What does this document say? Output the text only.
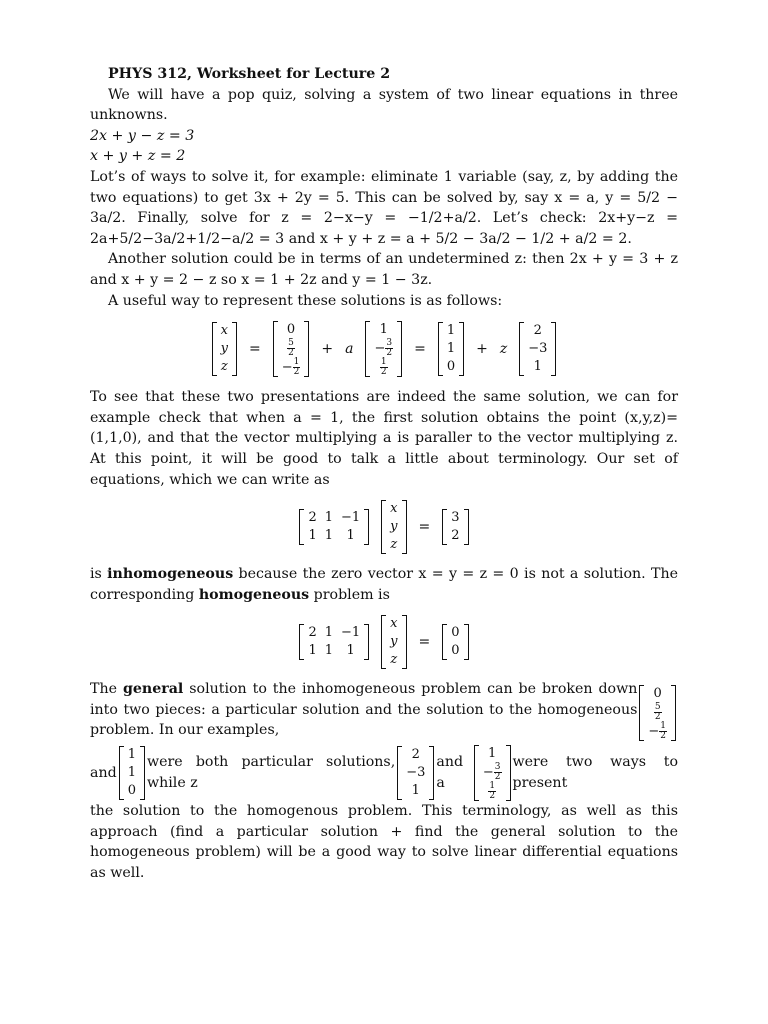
PHYS 312, Worksheet for Lecture 2

We will have a pop quiz, solving a system of two linear equations in three unknowns.

2x + y − z = 3

x + y + z = 2

Lot’s of ways to solve it, for example: eliminate 1 variable (say, z, by adding the two equations) to get 3x + 2y = 5. This can be solved by, say x = a, y = 5/2 − 3a/2. Finally, solve for z = 2−x−y = −1/2+a/2. Let’s check: 2x+y−z = 2a+5/2−3a/2+1/2−a/2 = 3 and x + y + z = a + 5/2 − 3a/2 − 1/2 + a/2 = 2.

Another solution could be in terms of an undetermined z: then 2x + y = 3 + z and x + y = 2 − z so x = 1 + 2z and y = 1 − 3z.

A useful way to represent these solutions is as follows:

x
y
z
=
0
$\frac{5}{2}$
− $\frac{1}{2}$
+ a
1
− $\frac{3}{2}$
$\frac{1}{2}$
=
1
1
0
+ z
2
−3
1

To see that these two presentations are indeed the same solution, we can for example check that when a = 1, the first solution obtains the point (x,y,z)=(1,1,0), and that the vector multiplying a is paraller to the vector multiplying z. At this point, it will be good to talk a little about terminology. Our set of equations, which we can write as

2
1
1
1
−1
1
x
y
z
=
3
2

is inhomogeneous because the zero vector x = y = z = 0 is not a solution. The corresponding homogeneous problem is

2
1
1
1
−1
1
x
y
z
=
0
0
The general solution to the inhomogeneous problem can be broken down into two pieces: a particular solution and the solution to the homogeneous problem. In our examples,
0
$\frac{5}{2}$
− $\frac{1}{2}$
and
1
1
0
were both particular solutions, while z
2
−3
1
and a
1
− $\frac{3}{2}$
$\frac{1}{2}$
were two ways to present

the solution to the homogenous problem. This terminology, as well as this approach (find a particular solution + find the general solution to the homogeneous problem) will be a good way to solve linear differential equations as well.
